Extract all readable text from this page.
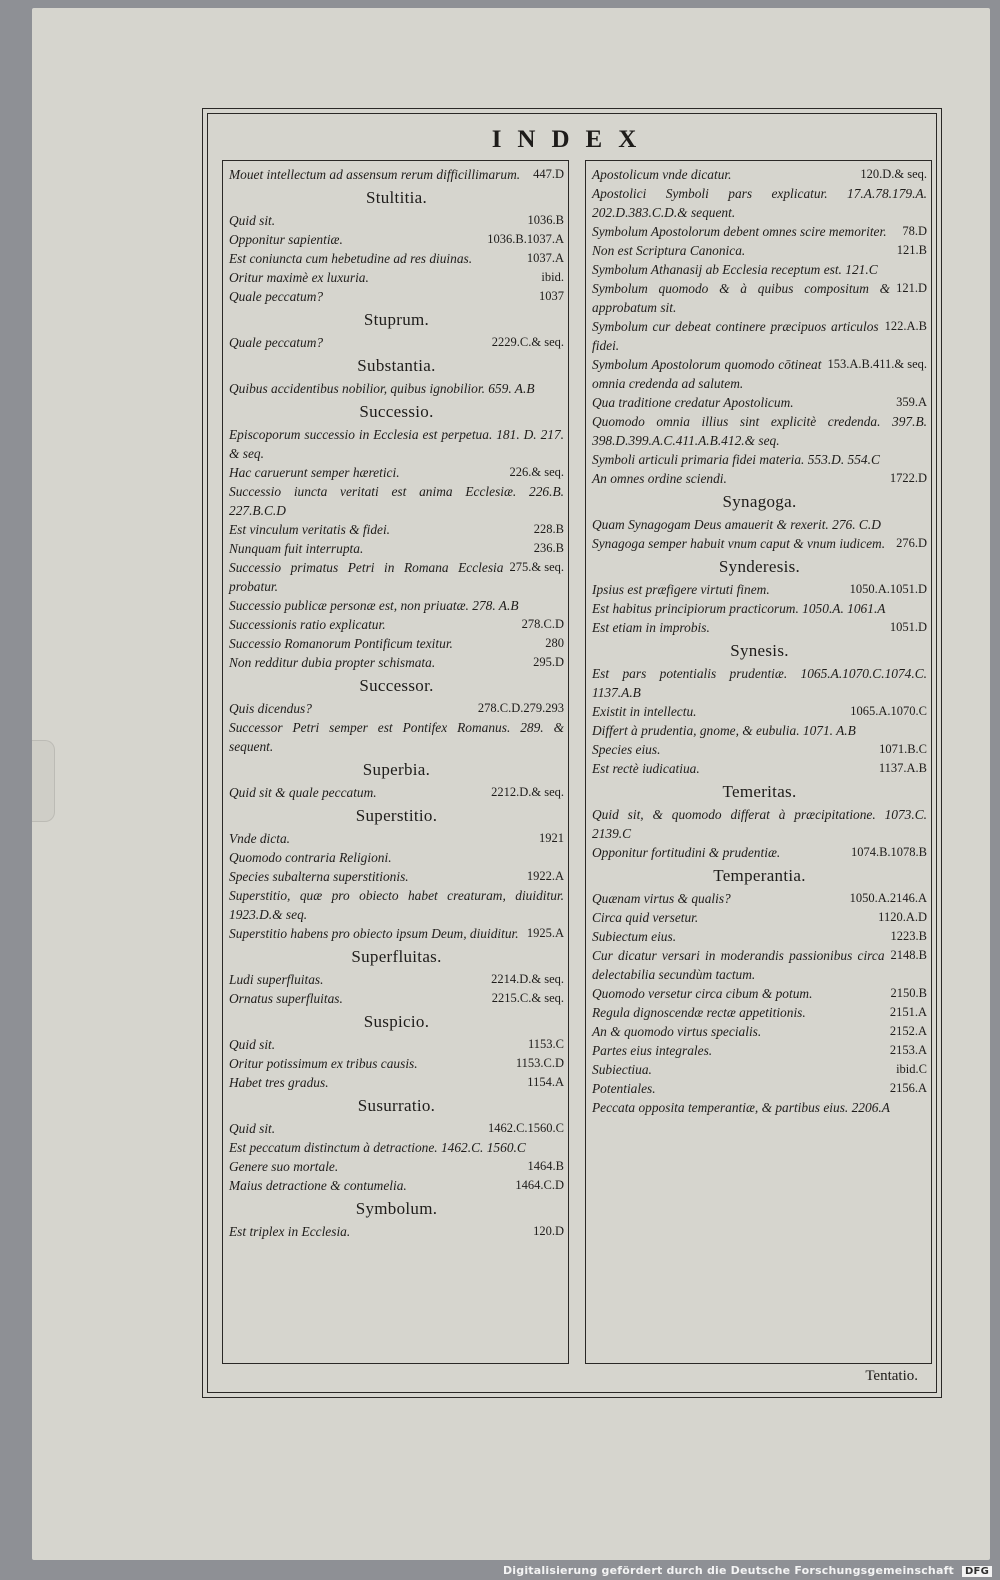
INDEX
447.D
Mouet intellectum ad assensum rerum difficillimarum.
Stultitia.
1036.B
Quid sit.
1036.B.1037.A
Opponitur sapientiæ.
1037.A
Est coniuncta cum hebetudine ad res diuinas.
ibid.
Oritur maximè ex luxuria.
1037
Quale peccatum?
Stuprum.
2229.C.& seq.
Quale peccatum?
Substantia.
Quibus accidentibus nobilior, quibus ignobilior. 659. A.B
Successio.
Episcoporum successio in Ecclesia est perpetua. 181. D. 217. & seq.
226.& seq.
Hac caruerunt semper hæretici.
Successio iuncta veritati est anima Ecclesiæ. 226.B. 227.B.C.D
228.B
Est vinculum veritatis & fidei.
236.B
Nunquam fuit interrupta.
275.& seq.
Successio primatus Petri in Romana Ecclesia probatur.
Successio publicæ personæ est, non priuatæ. 278. A.B
278.C.D
Successionis ratio explicatur.
280
Successio Romanorum Pontificum texitur.
295.D
Non redditur dubia propter schismata.
Successor.
278.C.D.279.293
Quis dicendus?
Successor Petri semper est Pontifex Romanus. 289. & sequent.
Superbia.
2212.D.& seq.
Quid sit & quale peccatum.
Superstitio.
1921
Vnde dicta.
Quomodo contraria Religioni.
1922.A
Species subalterna superstitionis.
Superstitio, quæ pro obiecto habet creaturam, diuiditur. 1923.D.& seq.
1925.A
Superstitio habens pro obiecto ipsum Deum, diuiditur.
Superfluitas.
2214.D.& seq.
Ludi superfluitas.
2215.C.& seq.
Ornatus superfluitas.
Suspicio.
1153.C
Quid sit.
1153.C.D
Oritur potissimum ex tribus causis.
1154.A
Habet tres gradus.
Susurratio.
1462.C.1560.C
Quid sit.
Est peccatum distinctum à detractione. 1462.C. 1560.C
1464.B
Genere suo mortale.
1464.C.D
Maius detractione & contumelia.
Symbolum.
120.D
Est triplex in Ecclesia.
120.D.& seq.
Apostolicum vnde dicatur.
Apostolici Symboli pars explicatur. 17.A.78.179.A. 202.D.383.C.D.& sequent.
78.D
Symbolum Apostolorum debent omnes scire memoriter.
121.B
Non est Scriptura Canonica.
Symbolum Athanasij ab Ecclesia receptum est. 121.C
121.D
Symbolum quomodo & à quibus compositum & approbatum sit.
122.A.B
Symbolum cur debeat continere præcipuos articulos fidei.
153.A.B.411.& seq.
Symbolum Apostolorum quomodo cōtineat omnia credenda ad salutem.
359.A
Qua traditione credatur Apostolicum.
Quomodo omnia illius sint explicitè credenda. 397.B. 398.D.399.A.C.411.A.B.412.& seq.
Symboli articuli primaria fidei materia. 553.D. 554.C
1722.D
An omnes ordine sciendi.
Synagoga.
Quam Synagogam Deus amauerit & rexerit. 276. C.D
276.D
Synagoga semper habuit vnum caput & vnum iudicem.
Synderesis.
1050.A.1051.D
Ipsius est præfigere virtuti finem.
Est habitus principiorum practicorum. 1050.A. 1061.A
1051.D
Est etiam in improbis.
Synesis.
Est pars potentialis prudentiæ. 1065.A.1070.C.1074.C. 1137.A.B
1065.A.1070.C
Existit in intellectu.
Differt à prudentia, gnome, & eubulia. 1071. A.B
1071.B.C
Species eius.
1137.A.B
Est rectè iudicatiua.
Temeritas.
Quid sit, & quomodo differat à præcipitatione. 1073.C. 2139.C
1074.B.1078.B
Opponitur fortitudini & prudentiæ.
Temperantia.
1050.A.2146.A
Quænam virtus & qualis?
1120.A.D
Circa quid versetur.
1223.B
Subiectum eius.
2148.B
Cur dicatur versari in moderandis passionibus circa delectabilia secundùm tactum.
2150.B
Quomodo versetur circa cibum & potum.
2151.A
Regula dignoscendæ rectæ appetitionis.
2152.A
An & quomodo virtus specialis.
2153.A
Partes eius integrales.
ibid.C
Subiectiua.
2156.A
Potentiales.
Peccata opposita temperantiæ, & partibus eius. 2206.A
Tentatio.
Digitalisierung gefördert durch die Deutsche Forschungsgemeinschaft DFG
